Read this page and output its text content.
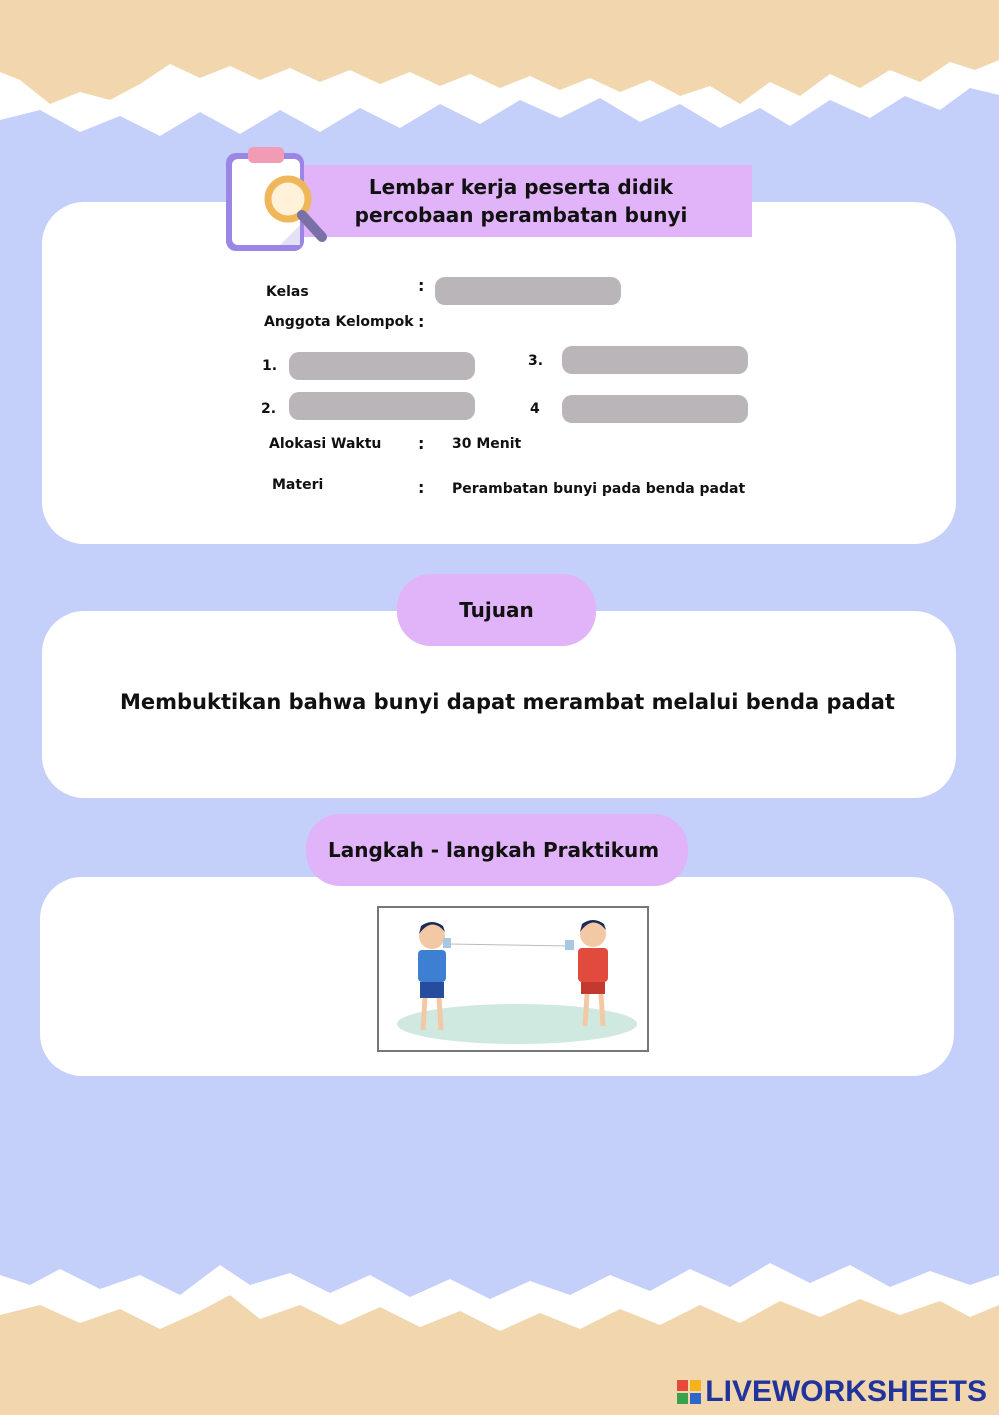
Lembar kerja peserta didik
percobaan perambatan bunyi
Kelas	:
Anggota Kelompok :
1.
2.
3.
4
Alokasi Waktu : 30 Menit
Materi	: Perambatan bunyi pada benda padat
Tujuan
Membuktikan bahwa bunyi dapat merambat melalui benda padat
Langkah - langkah Praktikum
LIVEWORKSHEETS
